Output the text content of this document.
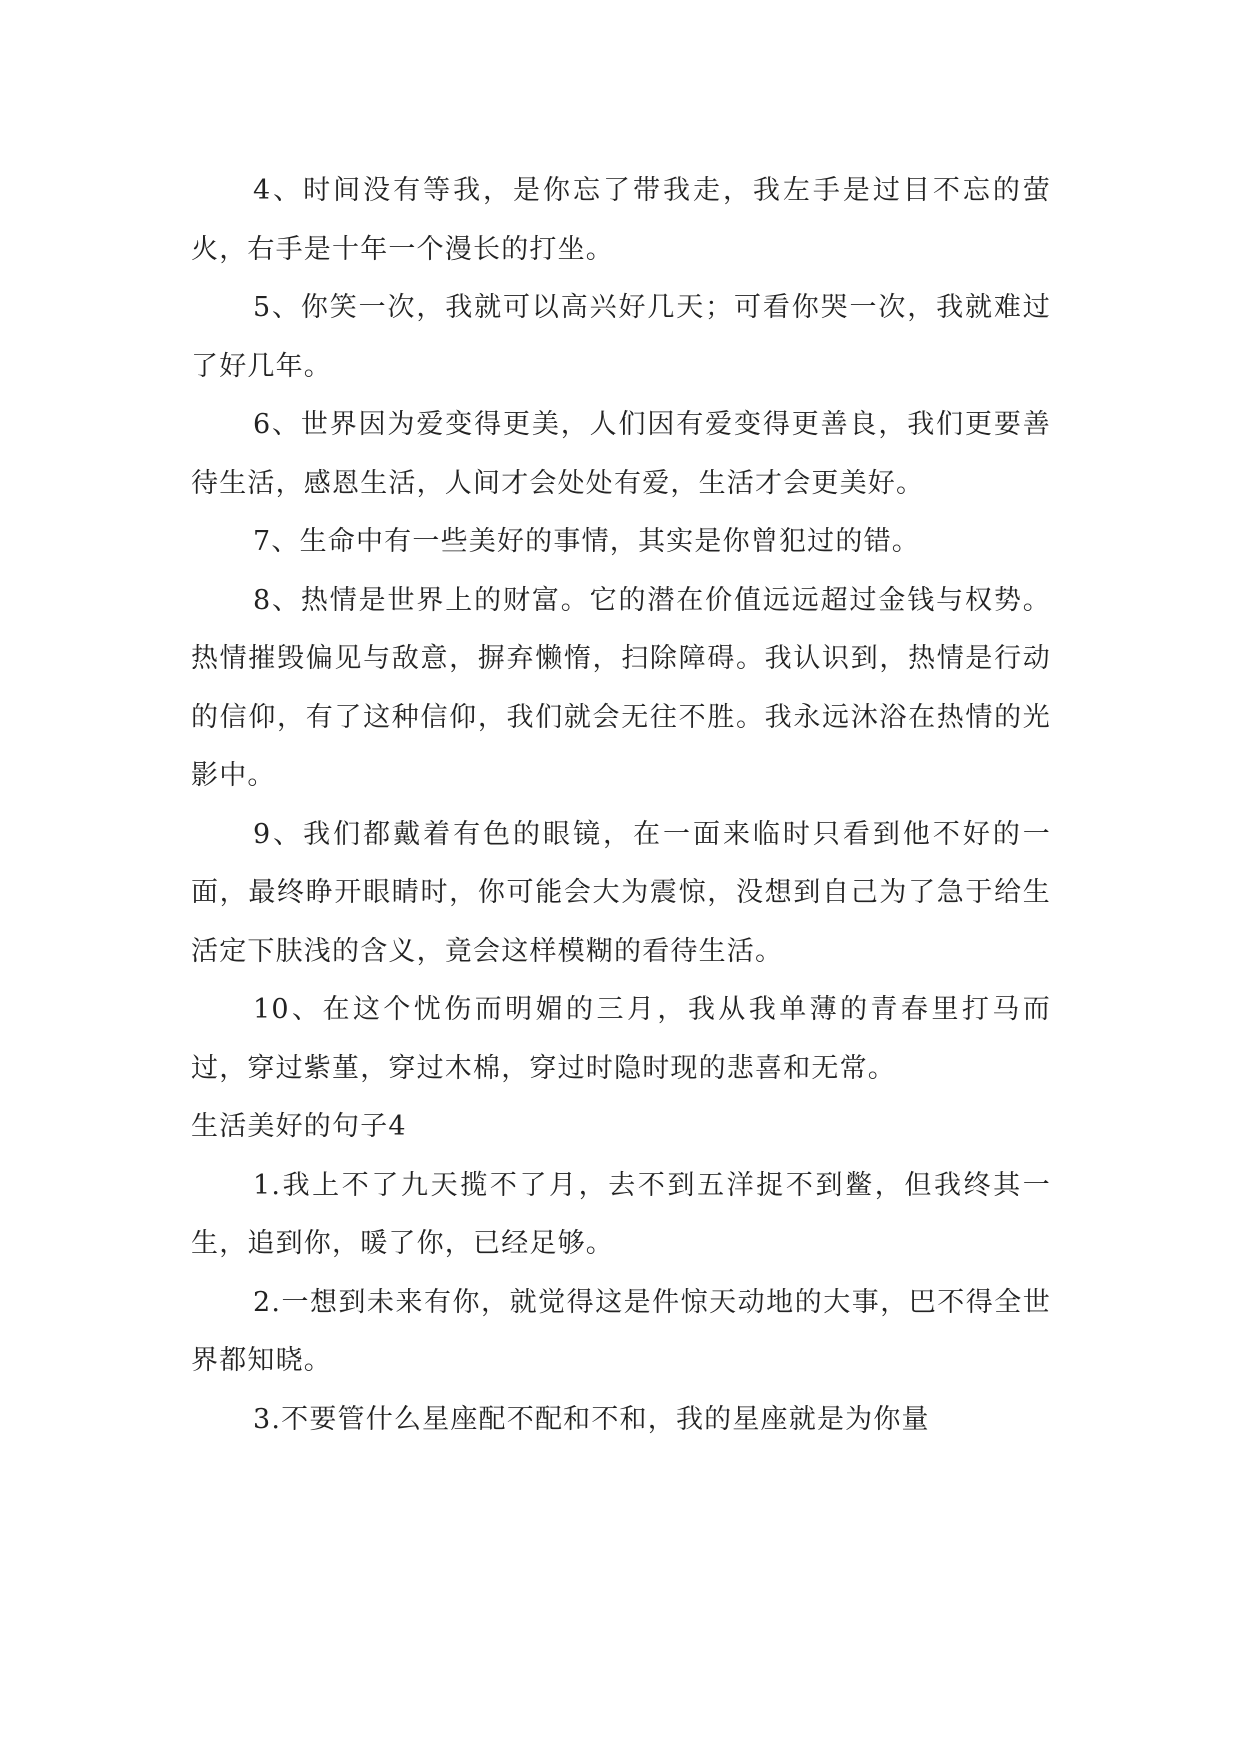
4、时间没有等我，是你忘了带我走，我左手是过目不忘的萤火，右手是十年一个漫长的打坐。

5、你笑一次，我就可以高兴好几天；可看你哭一次，我就难过了好几年。

6、世界因为爱变得更美，人们因有爱变得更善良，我们更要善待生活，感恩生活，人间才会处处有爱，生活才会更美好。

7、生命中有一些美好的事情，其实是你曾犯过的错。

8、热情是世界上的财富。它的潜在价值远远超过金钱与权势。热情摧毁偏见与敌意，摒弃懒惰，扫除障碍。我认识到，热情是行动的信仰，有了这种信仰，我们就会无往不胜。我永远沐浴在热情的光影中。

9、我们都戴着有色的眼镜，在一面来临时只看到他不好的一面，最终睁开眼睛时，你可能会大为震惊，没想到自己为了急于给生活定下肤浅的含义，竟会这样模糊的看待生活。

10、在这个忧伤而明媚的三月，我从我单薄的青春里打马而过，穿过紫堇，穿过木棉，穿过时隐时现的悲喜和无常。

生活美好的句子4

1.我上不了九天揽不了月，去不到五洋捉不到鳖，但我终其一生，追到你，暖了你，已经足够。

2.一想到未来有你，就觉得这是件惊天动地的大事，巴不得全世界都知晓。

3.不要管什么星座配不配和不和，我的星座就是为你量
